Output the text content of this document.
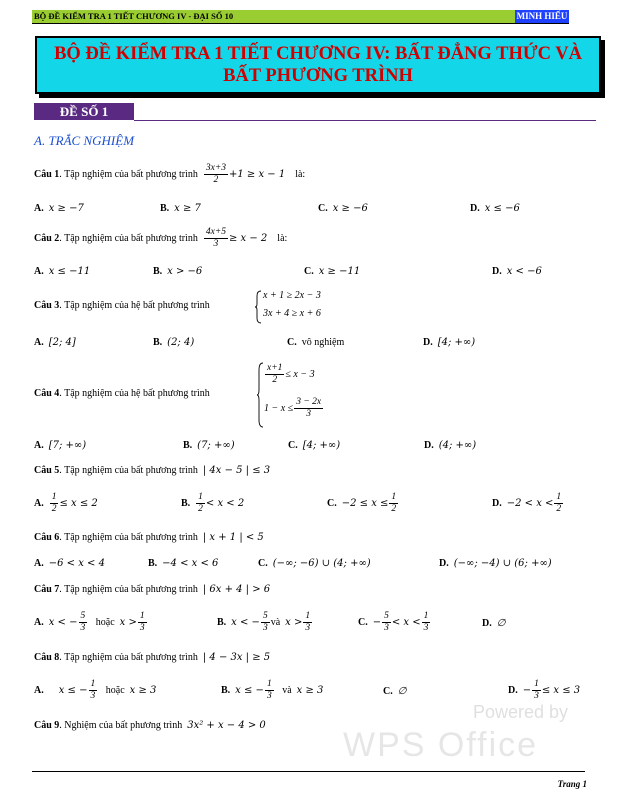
BỘ ĐỀ KIỂM TRA 1 TIẾT CHƯƠNG IV - ĐẠI SỐ 10	MINH HIẾU
BỘ ĐỀ KIỂM TRA 1 TIẾT CHƯƠNG IV: BẤT ĐẲNG THỨC VÀ
BẤT PHƯƠNG TRÌNH
ĐỀ SỐ 1
A. TRẮC NGHIỆM
Câu 1. Tập nghiệm của bất phương trình $\frac{3x+3}{2} +1 \ge x - 1$ là:
A. x ≥ −7	B. x ≥ 7	C. x ≥ −6	D. x ≤ −6
Câu 2. Tập nghiệm của bất phương trình $\frac{4x+5}{3} \ge x - 2$ là:
A. x ≤ −11	B. x > −6	C. x ≥ −11	D. x < −6
Câu 3. Tập nghiệm của hệ bất phương trình
x + 1 ≥ 2x − 3
3x + 4 ≥ x + 6
A. [2; 4]	B. (2; 4)	C. vô nghiệm	D. [4; +∞)
Câu 4. Tập nghiệm của hệ bất phương trình
$\frac{x+1}{2} \le x - 3$
$1 - x \le \frac{3 - 2x}{3}$
A. [7; +∞)	B. (7; +∞)	C. [4; +∞)	D. (4; +∞)
Câu 5. Tập nghiệm của bất phương trình | 4x − 5 | ≤ 3
A. $\frac{1}{2} \le x \le 2$	B. $\frac{1}{2} < x < 2$	C. $-2 \le x \le \frac{1}{2}$	D. $-2 < x < \frac{1}{2}$
Câu 6. Tập nghiệm của bất phương trình | x + 1 | < 5
A. −6 < x < 4	B. −4 < x < 6	C. (−∞; −6) ∪ (4; +∞)	D. (−∞; −4) ∪ (6; +∞)
Câu 7. Tập nghiệm của bất phương trình | 6x + 4 | > 6
A. x < − $\frac{5}{3}$ hoặc $x > \frac{1}{3}$	B. x < − $\frac{5}{3}$ và $x > \frac{1}{3}$	C. − $\frac{5}{3} < x < \frac{1}{3}$	D. ∅
Câu 8. Tập nghiệm của bất phương trình | 4 − 3x | ≥ 5
A. x ≤ − $\frac{1}{3}$ hoặc x ≥ 3	B. x ≤ − $\frac{1}{3}$ và x ≥ 3	C. ∅	D. − $\frac{1}{3} \le x \le 3$
Câu 9. Nghiệm của bất phương trình 3x² + x − 4 > 0
Powered by
WPS Office
Trang 1
